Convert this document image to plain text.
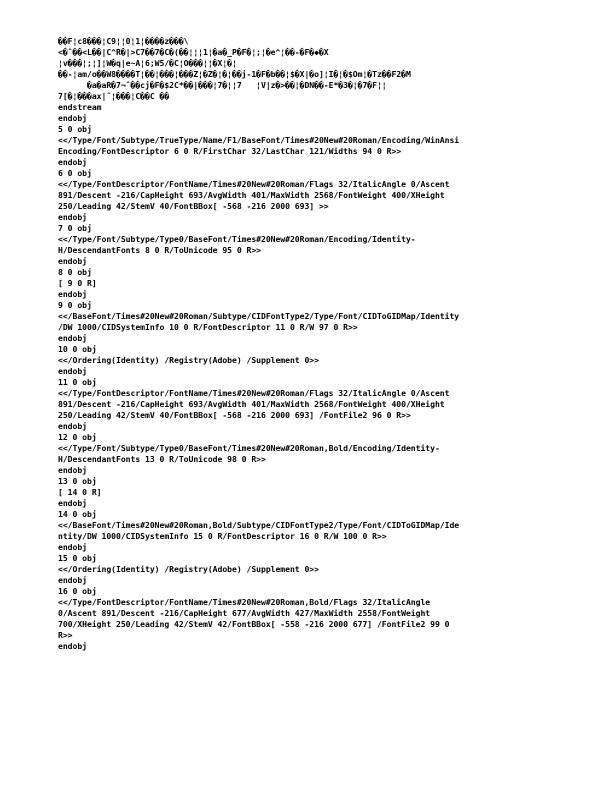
��F¦c8���¦C9¦¦0¦1¦����z���\
<�ˆ��<L��|C^R�|>C7��7�C�(��¦¦¦1¦�a�_P�F�¦;¦�e^¦��-�F�◆�X
¦v���¦;¦]¦W�q|e~A¦6;W5/�C¦O���¦¦�X¦�¦
��-¦am/o��W8����T¦��¦���¦���Z¦�Z�¦�¦��j-1�F�b��¦$�X|�o]¦I�¦�$Om¦�Tz��F2�M
�a�aR�7¬ˆ��cj�F�$2C*��|���¦7�¦¦7   ¦V|z�>��¦�DN��-E*�3�¦�7�F¦¦
7[�¦���ax|ˆ¦���¦C��C ��
endstream
endobj
5 0 obj
<</Type/Font/Subtype/TrueType/Name/F1/BaseFont/Times#20New#20Roman/Encoding/WinAnsi
Encoding/FontDescriptor 6 0 R/FirstChar 32/LastChar 121/Widths 94 0 R>>
endobj
6 0 obj
<</Type/FontDescriptor/FontName/Times#20New#20Roman/Flags 32/ItalicAngle 0/Ascent
891/Descent -216/CapHeight 693/AvgWidth 401/MaxWidth 2568/FontWeight 400/XHeight
250/Leading 42/StemV 40/FontBBox[ -568 -216 2000 693] >>
endobj
7 0 obj
<</Type/Font/Subtype/Type0/BaseFont/Times#20New#20Roman/Encoding/Identity-
H/DescendantFonts 8 0 R/ToUnicode 95 0 R>>
endobj
8 0 obj
[ 9 0 R]
endobj
9 0 obj
<</BaseFont/Times#20New#20Roman/Subtype/CIDFontType2/Type/Font/CIDToGIDMap/Identity
/DW 1000/CIDSystemInfo 10 0 R/FontDescriptor 11 0 R/W 97 0 R>>
endobj
10 0 obj
<</Ordering(Identity) /Registry(Adobe) /Supplement 0>>
endobj
11 0 obj
<</Type/FontDescriptor/FontName/Times#20New#20Roman/Flags 32/ItalicAngle 0/Ascent
891/Descent -216/CapHeight 693/AvgWidth 401/MaxWidth 2568/FontWeight 400/XHeight
250/Leading 42/StemV 40/FontBBox[ -568 -216 2000 693] /FontFile2 96 0 R>>
endobj
12 0 obj
<</Type/Font/Subtype/Type0/BaseFont/Times#20New#20Roman,Bold/Encoding/Identity-
H/DescendantFonts 13 0 R/ToUnicode 98 0 R>>
endobj
13 0 obj
[ 14 0 R]
endobj
14 0 obj
<</BaseFont/Times#20New#20Roman,Bold/Subtype/CIDFontType2/Type/Font/CIDToGIDMap/Ide
ntity/DW 1000/CIDSystemInfo 15 0 R/FontDescriptor 16 0 R/W 100 0 R>>
endobj
15 0 obj
<</Ordering(Identity) /Registry(Adobe) /Supplement 0>>
endobj
16 0 obj
<</Type/FontDescriptor/FontName/Times#20New#20Roman,Bold/Flags 32/ItalicAngle
0/Ascent 891/Descent -216/CapHeight 677/AvgWidth 427/MaxWidth 2558/FontWeight
700/XHeight 250/Leading 42/StemV 42/FontBBox[ -558 -216 2000 677] /FontFile2 99 0
R>>
endobj
